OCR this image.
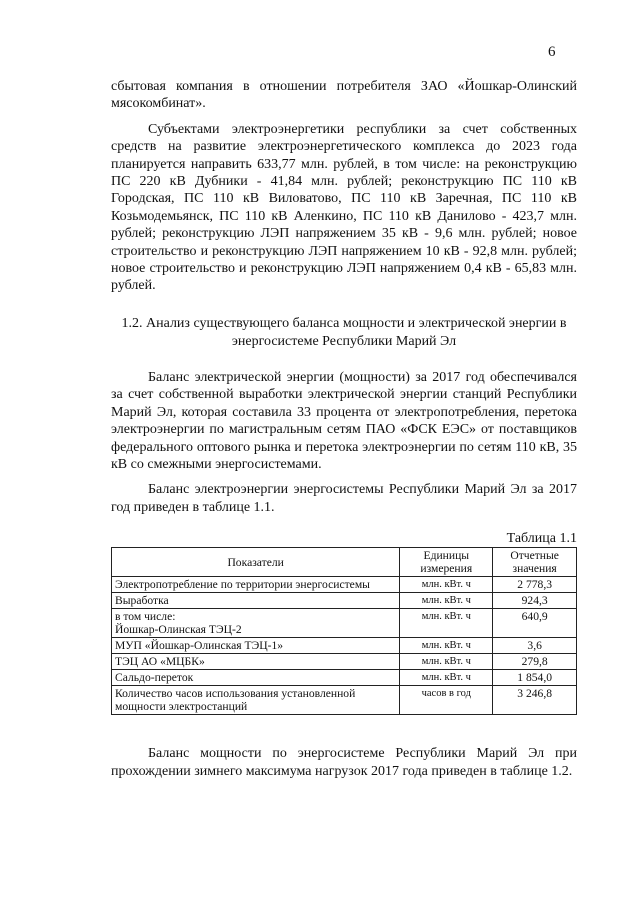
6

сбытовая компания в отношении потребителя ЗАО «Йошкар-Олинский мясокомбинат».

Субъектами электроэнергетики республики за счет собственных средств на развитие электроэнергетического комплекса до 2023 года планируется направить 633,77 млн. рублей, в том числе: на реконструкцию ПС 220 кВ Дубники - 41,84 млн. рублей; реконструкцию ПС 110 кВ Городская, ПС 110 кВ Виловатово, ПС 110 кВ Заречная, ПС 110 кВ Козьмодемьянск, ПС 110 кВ Аленкино, ПС 110 кВ Данилово - 423,7 млн. рублей; реконструкцию ЛЭП напряжением 35 кВ - 9,6 млн. рублей; новое строительство и реконструкцию ЛЭП напряжением 10 кВ - 92,8 млн. рублей; новое строительство и реконструкцию ЛЭП напряжением 0,4 кВ - 65,83 млн. рублей.

1.2. Анализ существующего баланса мощности и электрической энергии в энергосистеме Республики Марий Эл

Баланс электрической энергии (мощности) за 2017 год обеспечивался за счет собственной выработки электрической энергии станций Республики Марий Эл, которая составила 33 процента от электропотребления, перетока электроэнергии по магистральным сетям ПАО «ФСК ЕЭС» от поставщиков федерального оптового рынка и перетока электроэнергии по сетям 110 кВ, 35 кВ со смежными энергосистемами.

Баланс электроэнергии энергосистемы Республики Марий Эл за 2017 год приведен в таблице 1.1.

Таблица 1.1
Показатели	Единицы измерения	Отчетные значения
Электропотребление по территории энергосистемы	млн. кВт. ч	2 778,3
Выработка	млн. кВт. ч	924,3
в том числе:
Йошкар-Олинская ТЭЦ-2	млн. кВт. ч	640,9
МУП «Йошкар-Олинская ТЭЦ-1»	млн. кВт. ч	3,6
ТЭЦ АО «МЦБК»	млн. кВт. ч	279,8
Сальдо-переток	млн. кВт. ч	1 854,0
Количество часов использования установленной мощности электростанций	часов в год	3 246,8

Баланс мощности по энергосистеме Республики Марий Эл при прохождении зимнего максимума нагрузок 2017 года приведен в таблице 1.2.
